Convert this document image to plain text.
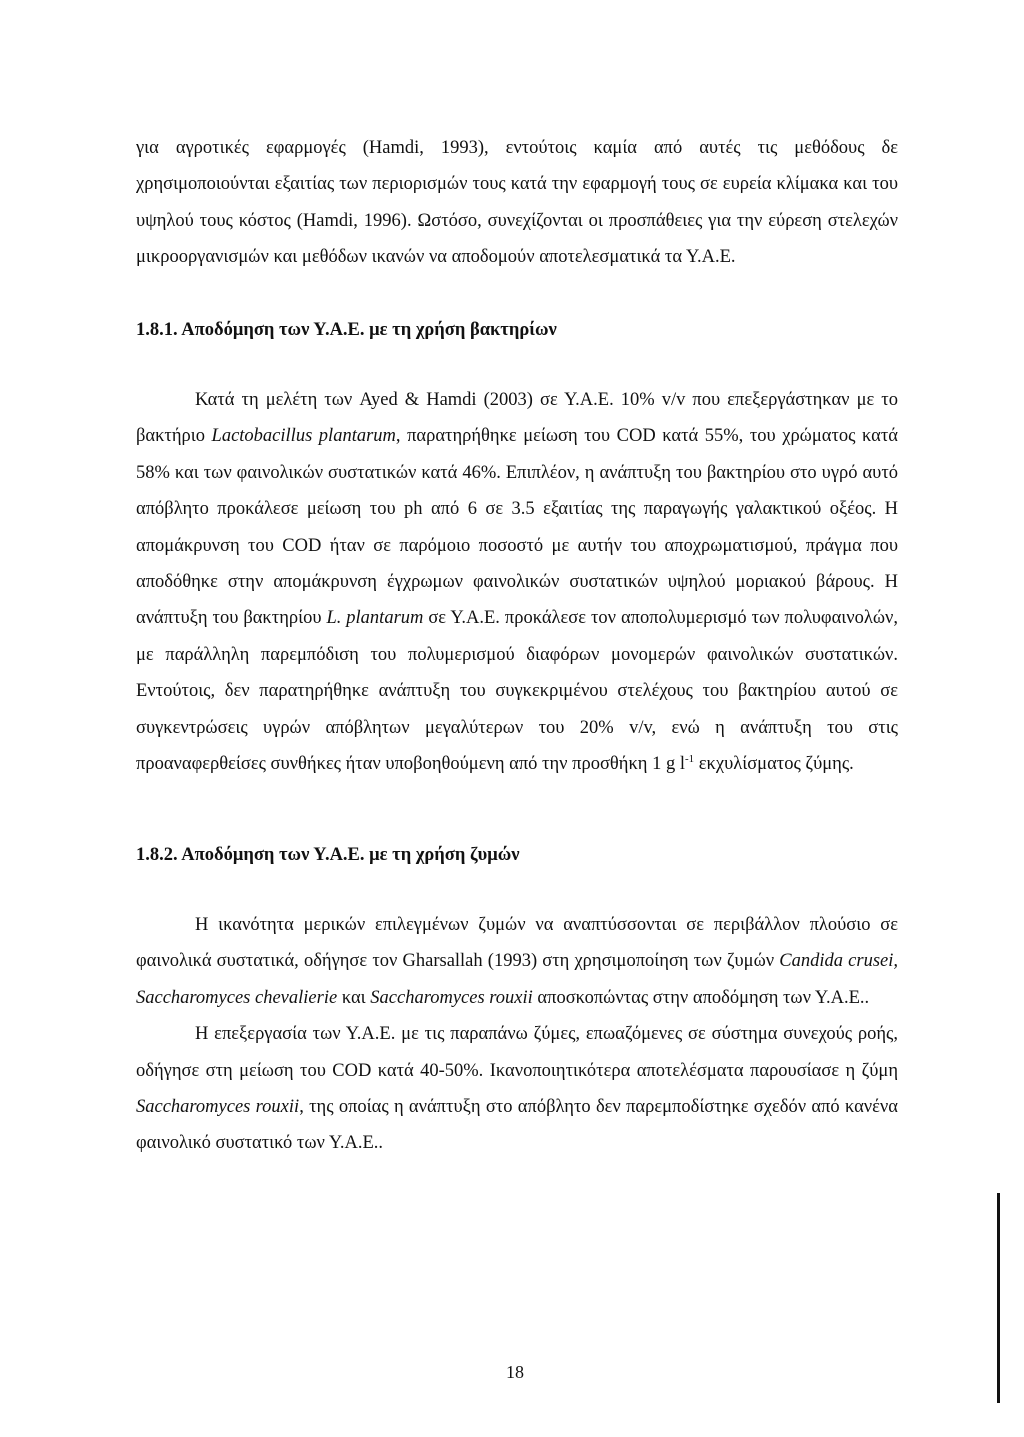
για αγροτικές εφαρμογές (Hamdi, 1993), εντούτοις καμία από αυτές τις μεθόδους δε χρησιμοποιούνται εξαιτίας των περιορισμών τους κατά την εφαρμογή τους σε ευρεία κλίμακα και του υψηλού τους κόστος (Hamdi, 1996). Ωστόσο, συνεχίζονται οι προσπάθειες για την εύρεση στελεχών μικροοργανισμών και μεθόδων ικανών να αποδομούν αποτελεσματικά τα Υ.Α.Ε.

1.8.1. Αποδόμηση των Υ.Α.Ε. με τη χρήση βακτηρίων

Κατά τη μελέτη των Ayed & Hamdi (2003) σε Υ.Α.Ε. 10% v/v που επεξεργάστηκαν με το βακτήριο Lactobacillus plantarum, παρατηρήθηκε μείωση του COD κατά 55%, του χρώματος κατά 58% και των φαινολικών συστατικών κατά 46%. Επιπλέον, η ανάπτυξη του βακτηρίου στο υγρό αυτό απόβλητο προκάλεσε μείωση του ph από 6 σε 3.5 εξαιτίας της παραγωγής γαλακτικού οξέος. Η απομάκρυνση του COD ήταν σε παρόμοιο ποσοστό με αυτήν του αποχρωματισμού, πράγμα που αποδόθηκε στην απομάκρυνση έγχρωμων φαινολικών συστατικών υψηλού μοριακού βάρους. Η ανάπτυξη του βακτηρίου L. plantarum σε Υ.Α.Ε. προκάλεσε τον αποπολυμερισμό των πολυφαινολών, με παράλληλη παρεμπόδιση του πολυμερισμού διαφόρων μονομερών φαινολικών συστατικών. Εντούτοις, δεν παρατηρήθηκε ανάπτυξη του συγκεκριμένου στελέχους του βακτηρίου αυτού σε συγκεντρώσεις υγρών απόβλητων μεγαλύτερων του 20% v/v, ενώ η ανάπτυξη του στις προαναφερθείσες συνθήκες ήταν υποβοηθούμενη από την προσθήκη 1 g $l^{-1}$ εκχυλίσματος ζύμης.

1.8.2. Αποδόμηση των Υ.Α.Ε. με τη χρήση ζυμών

Η ικανότητα μερικών επιλεγμένων ζυμών να αναπτύσσονται σε περιβάλλον πλούσιο σε φαινολικά συστατικά, οδήγησε τον Gharsallah (1993) στη χρησιμοποίηση των ζυμών Candida crusei, Saccharomyces chevalierie και Saccharomyces rouxii αποσκοπώντας στην αποδόμηση των Υ.Α.Ε..

Η επεξεργασία των Υ.Α.Ε. με τις παραπάνω ζύμες, επωαζόμενες σε σύστημα συνεχούς ροής, οδήγησε στη μείωση του COD κατά 40-50%. Ικανοποιητικότερα αποτελέσματα παρουσίασε η ζύμη Saccharomyces rouxii, της οποίας η ανάπτυξη στο απόβλητο δεν παρεμποδίστηκε σχεδόν από κανένα φαινολικό συστατικό των Υ.Α.Ε..

18
